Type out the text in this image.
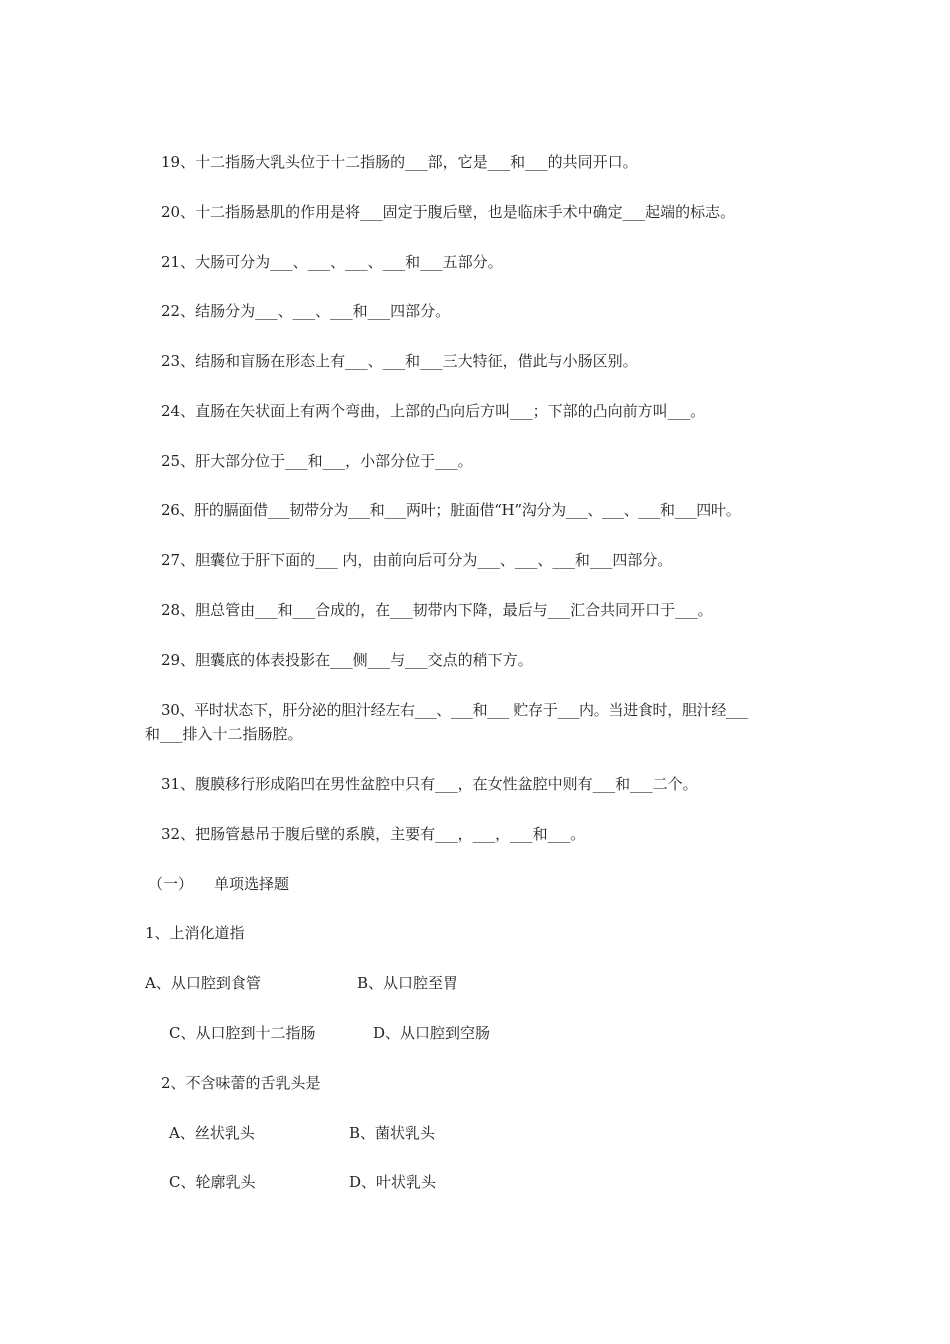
19、十二指肠大乳头位于十二指肠的___部，它是___和___的共同开口。
20、十二指肠悬肌的作用是将___固定于腹后壁，也是临床手术中确定___起端的标志。
21、大肠可分为___、___、___、___和___五部分。
22、结肠分为___、___、___和___四部分。
23、结肠和盲肠在形态上有___、___和___三大特征，借此与小肠区别。
24、直肠在矢状面上有两个弯曲，上部的凸向后方叫___；下部的凸向前方叫___。
25、肝大部分位于___和___，小部分位于___。
26、肝的膈面借___韧带分为___和___两叶；脏面借“H”沟分为___、___、___和___四叶。
27、胆囊位于肝下面的___ 内，由前向后可分为___、___、___和___四部分。
28、胆总管由___和___合成的，在___韧带内下降，最后与___汇合共同开口于___。
29、胆囊底的体表投影在___侧___与___交点的稍下方。
30、平时状态下，肝分泌的胆汁经左右___、___和___ 贮存于___内。当进食时，胆汁经___
和___排入十二指肠腔。
31、腹膜移行形成陷凹在男性盆腔中只有___，在女性盆腔中则有___和___二个。
32、把肠管悬吊于腹后壁的系膜，主要有___，___，___和___。
（一） 单项选择题
1、上消化道指
A、从口腔到食管	B、从口腔至胃
C、从口腔到十二指肠	D、从口腔到空肠
2、不含味蕾的舌乳头是
A、丝状乳头	B、菌状乳头
C、轮廓乳头	D、叶状乳头
